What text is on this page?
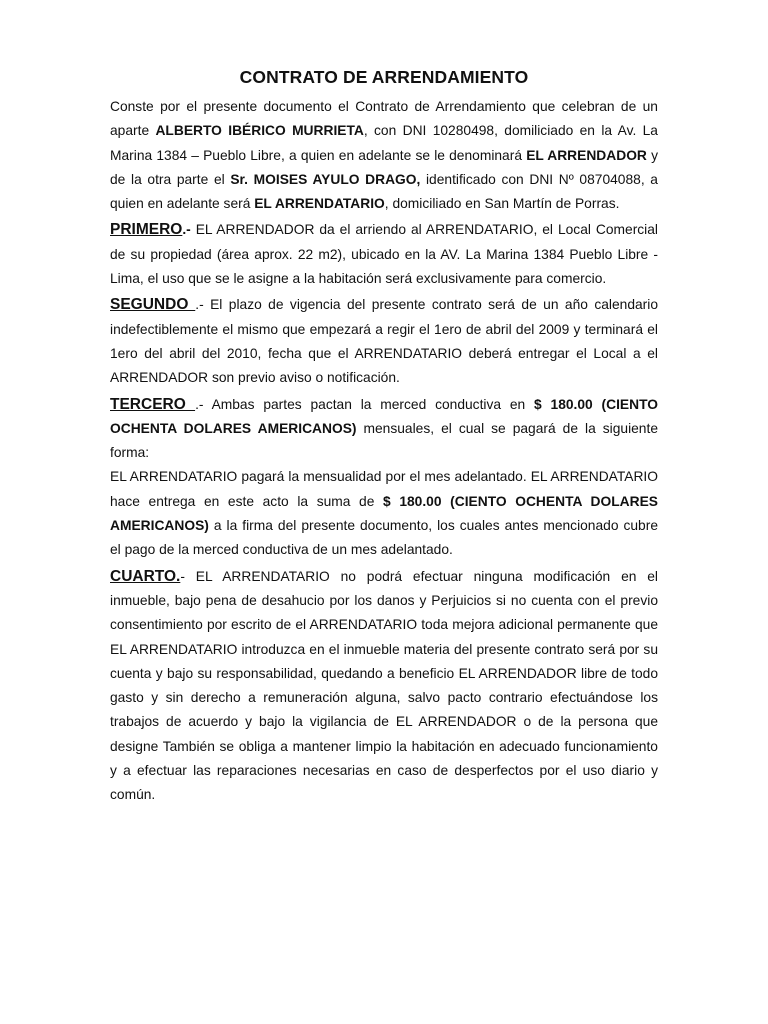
CONTRATO DE ARRENDAMIENTO

Conste por el presente documento el Contrato de Arrendamiento que celebran de un aparte ALBERTO IBÉRICO MURRIETA, con DNI 10280498, domiliciado en la Av. La Marina 1384 – Pueblo Libre, a quien en adelante se le denominará EL ARRENDADOR y de la otra parte el Sr. MOISES AYULO DRAGO, identificado con DNI Nº 08704088, a quien en adelante será EL ARRENDATARIO, domiciliado en San Martín de Porras.

PRIMERO.- EL ARRENDADOR da el arriendo al ARRENDATARIO, el Local Comercial de su propiedad (área aprox. 22 m2), ubicado en la AV. La Marina 1384 Pueblo Libre - Lima, el uso que se le asigne a la habitación será exclusivamente para comercio.

SEGUNDO .- El plazo de vigencia del presente contrato será de un año calendario indefectiblemente el mismo que empezará a regir el 1ero de abril del 2009 y terminará el 1ero del abril del 2010, fecha que el ARRENDATARIO deberá entregar el Local a el ARRENDADOR son previo aviso o notificación.

TERCERO .- Ambas partes pactan la merced conductiva en $ 180.00 (CIENTO OCHENTA DOLARES AMERICANOS) mensuales, el cual se pagará de la siguiente forma:

EL ARRENDATARIO pagará la mensualidad por el mes adelantado. EL ARRENDATARIO hace entrega en este acto la suma de $ 180.00 (CIENTO OCHENTA DOLARES AMERICANOS) a la firma del presente documento, los cuales antes mencionado cubre el pago de la merced conductiva de un mes adelantado.

CUARTO.- EL ARRENDATARIO no podrá efectuar ninguna modificación en el inmueble, bajo pena de desahucio por los danos y Perjuicios si no cuenta con el previo consentimiento por escrito de el ARRENDATARIO toda mejora adicional permanente que EL ARRENDATARIO introduzca en el inmueble materia del presente contrato será por su cuenta y bajo su responsabilidad, quedando a beneficio EL ARRENDADOR libre de todo gasto y sin derecho a remuneración alguna, salvo pacto contrario efectuándose los trabajos de acuerdo y bajo la vigilancia de EL ARRENDADOR o de la persona que designe También se obliga a mantener limpio la habitación en adecuado funcionamiento y a efectuar las reparaciones necesarias en caso de desperfectos por el uso diario y común.
